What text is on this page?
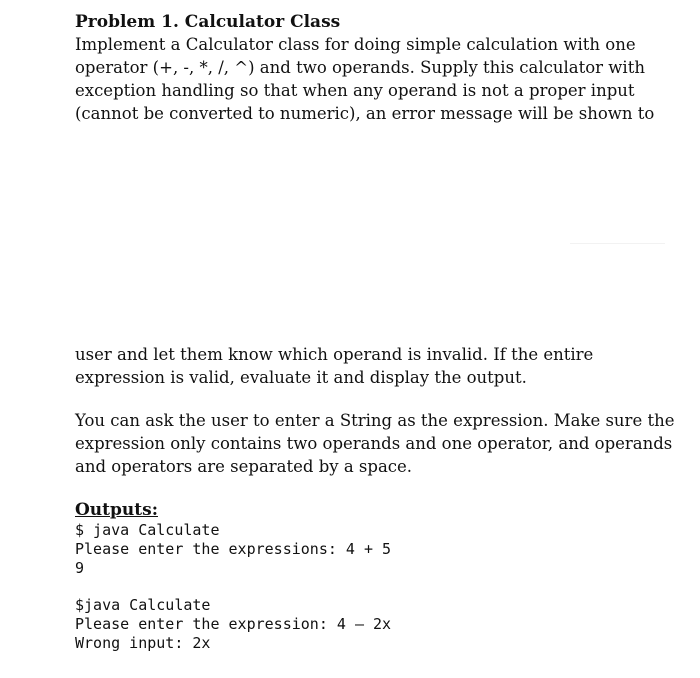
Problem 1. Calculator Class

Implement a Calculator class for doing simple calculation with one
operator (+, -, *, /, ^) and two operands. Supply this calculator with
exception handling so that when any operand is not a proper input
(cannot be converted to numeric), an error message will be shown to

user and let them know which operand is invalid. If the entire
expression is valid, evaluate it and display the output.

You can ask the user to enter a String as the expression. Make sure the
expression only contains two operands and one operator, and operands
and operators are separated by a space.

Outputs:

$ java Calculate
Please enter the expressions: 4 + 5
9
$java Calculate
Please enter the expression: 4 – 2x
Wrong input: 2x
